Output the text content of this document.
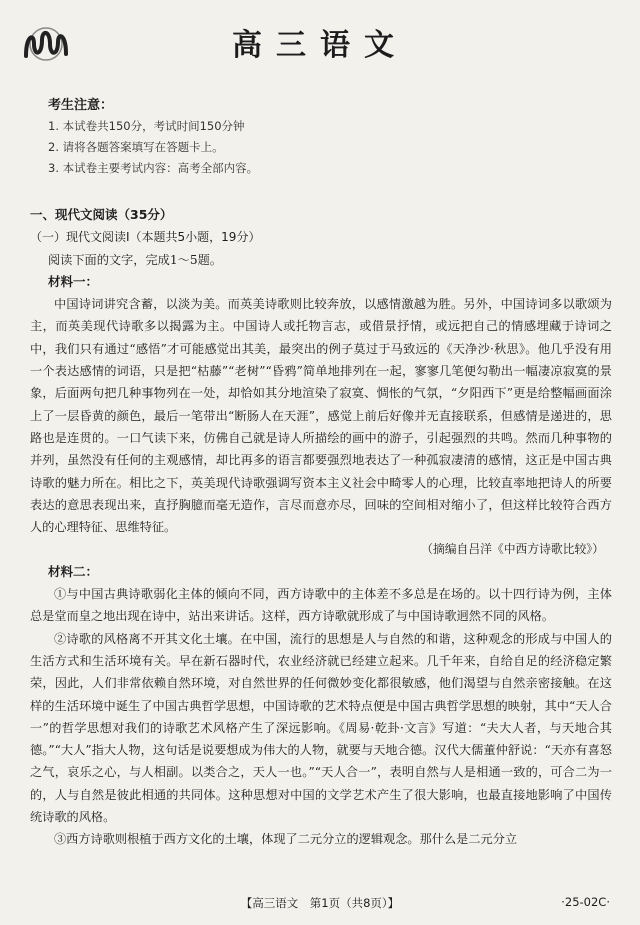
高三语文
考生注意：
1. 本试卷共150分，考试时间150分钟
2. 请将各题答案填写在答题卡上。
3. 本试卷主要考试内容：高考全部内容。
一、现代文阅读（35分）
（一）现代文阅读Ⅰ（本题共5小题，19分）
阅读下面的文字，完成1～5题。
材料一：
中国诗词讲究含蓄，以淡为美。而英美诗歌则比较奔放，以感情激越为胜。另外，中国诗词多以歌颂为主，而英美现代诗歌多以揭露为主。中国诗人或托物言志，或借景抒情，或远把自己的情感埋藏于诗词之中，我们只有通过“感悟”才可能感觉出其美，最突出的例子莫过于马致远的《天净沙·秋思》。他几乎没有用一个表达感情的词语，只是把“枯藤”“老树”“昏鸦”简单地排列在一起，寥寥几笔便勾勒出一幅凄凉寂寞的景象，后面两句把几种事物列在一处，却恰如其分地渲染了寂寞、惆怅的气氛，“夕阳西下”更是给整幅画面涂上了一层昏黄的颜色，最后一笔带出“断肠人在天涯”，感觉上前后好像并无直接联系，但感情是递进的，思路也是连贯的。一口气读下来，仿佛自己就是诗人所描绘的画中的游子，引起强烈的共鸣。然而几种事物的并列，虽然没有任何的主观感情，却比再多的语言都要强烈地表达了一种孤寂凄清的感情，这正是中国古典诗歌的魅力所在。相比之下，英美现代诗歌强调写资本主义社会中畸零人的心理，比较直率地把诗人的所要表达的意思表现出来，直抒胸臆而毫无造作，言尽而意亦尽，回味的空间相对缩小了，但这样比较符合西方人的心理特征、思维特征。
（摘编自吕洋《中西方诗歌比较》）
材料二：
①与中国古典诗歌弱化主体的倾向不同，西方诗歌中的主体差不多总是在场的。以十四行诗为例，主体总是堂而皇之地出现在诗中，站出来讲话。这样，西方诗歌就形成了与中国诗歌迥然不同的风格。
②诗歌的风格离不开其文化土壤。在中国，流行的思想是人与自然的和谐，这种观念的形成与中国人的生活方式和生活环境有关。早在新石器时代，农业经济就已经建立起来。几千年来，自给自足的经济稳定繁荣，因此，人们非常依赖自然环境，对自然世界的任何微妙变化都很敏感，他们渴望与自然亲密接触。在这样的生活环境中诞生了中国古典哲学思想，中国诗歌的艺术特点便是中国古典哲学思想的映射，其中“天人合一”的哲学思想对我们的诗歌艺术风格产生了深远影响。《周易·乾卦·文言》写道：“夫大人者，与天地合其德。”“大人”指大人物，这句话是说要想成为伟大的人物，就要与天地合德。汉代大儒董仲舒说：“天亦有喜怒之气，哀乐之心，与人相副。以类合之，天人一也。”“天人合一”，表明自然与人是相通一致的，可合二为一的，人与自然是彼此相通的共同体。这种思想对中国的文学艺术产生了很大影响，也最直接地影响了中国传统诗歌的风格。
③西方诗歌则根植于西方文化的土壤，体现了二元分立的逻辑观念。那什么是二元分立
【高三语文　第1页（共8页）】	·25-02C·
